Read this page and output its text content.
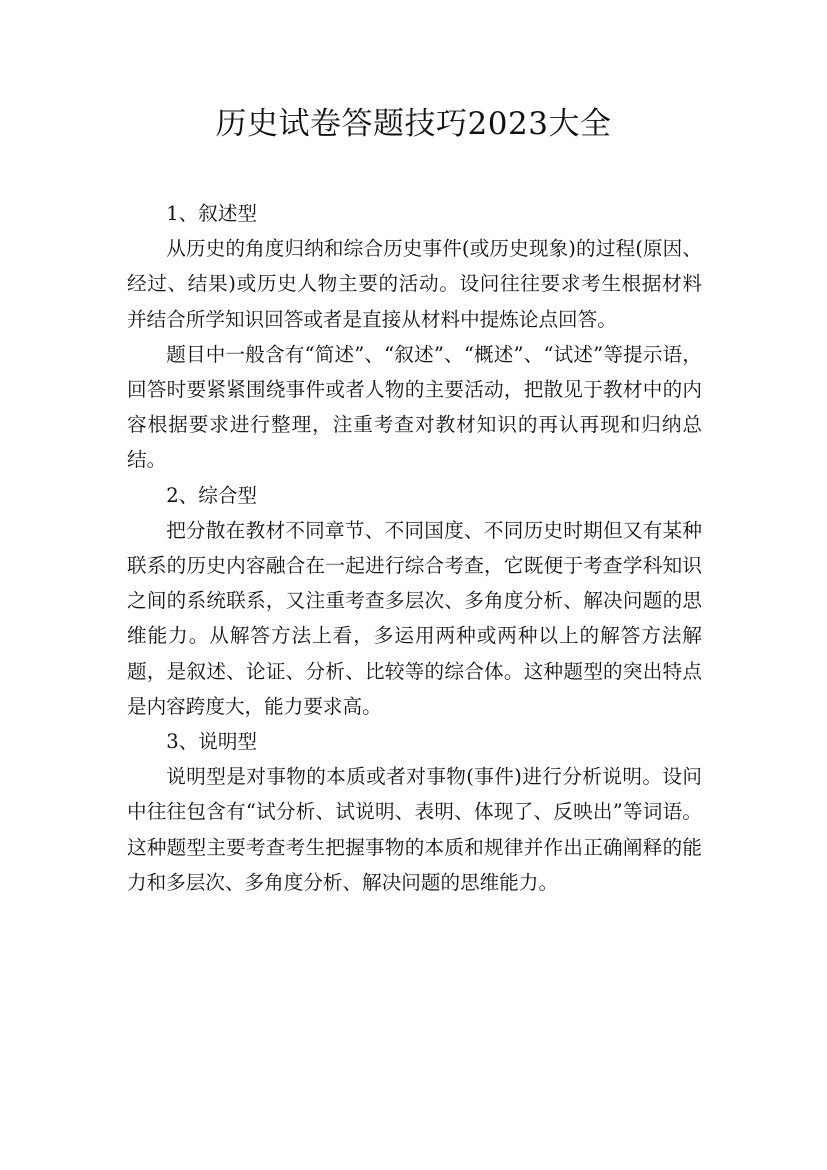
历史试卷答题技巧2023大全

1、叙述型

从历史的角度归纳和综合历史事件(或历史现象)的过程(原因、经过、结果)或历史人物主要的活动。设问往往要求考生根据材料并结合所学知识回答或者是直接从材料中提炼论点回答。

题目中一般含有“简述”、“叙述”、“概述”、“试述”等提示语，回答时要紧紧围绕事件或者人物的主要活动，把散见于教材中的内容根据要求进行整理，注重考查对教材知识的再认再现和归纳总结。

2、综合型

把分散在教材不同章节、不同国度、不同历史时期但又有某种联系的历史内容融合在一起进行综合考查，它既便于考查学科知识之间的系统联系，又注重考查多层次、多角度分析、解决问题的思维能力。从解答方法上看，多运用两种或两种以上的解答方法解题，是叙述、论证、分析、比较等的综合体。这种题型的突出特点是内容跨度大，能力要求高。

3、说明型

说明型是对事物的本质或者对事物(事件)进行分析说明。设问中往往包含有“试分析、试说明、表明、体现了、反映出”等词语。这种题型主要考查考生把握事物的本质和规律并作出正确阐释的能力和多层次、多角度分析、解决问题的思维能力。
